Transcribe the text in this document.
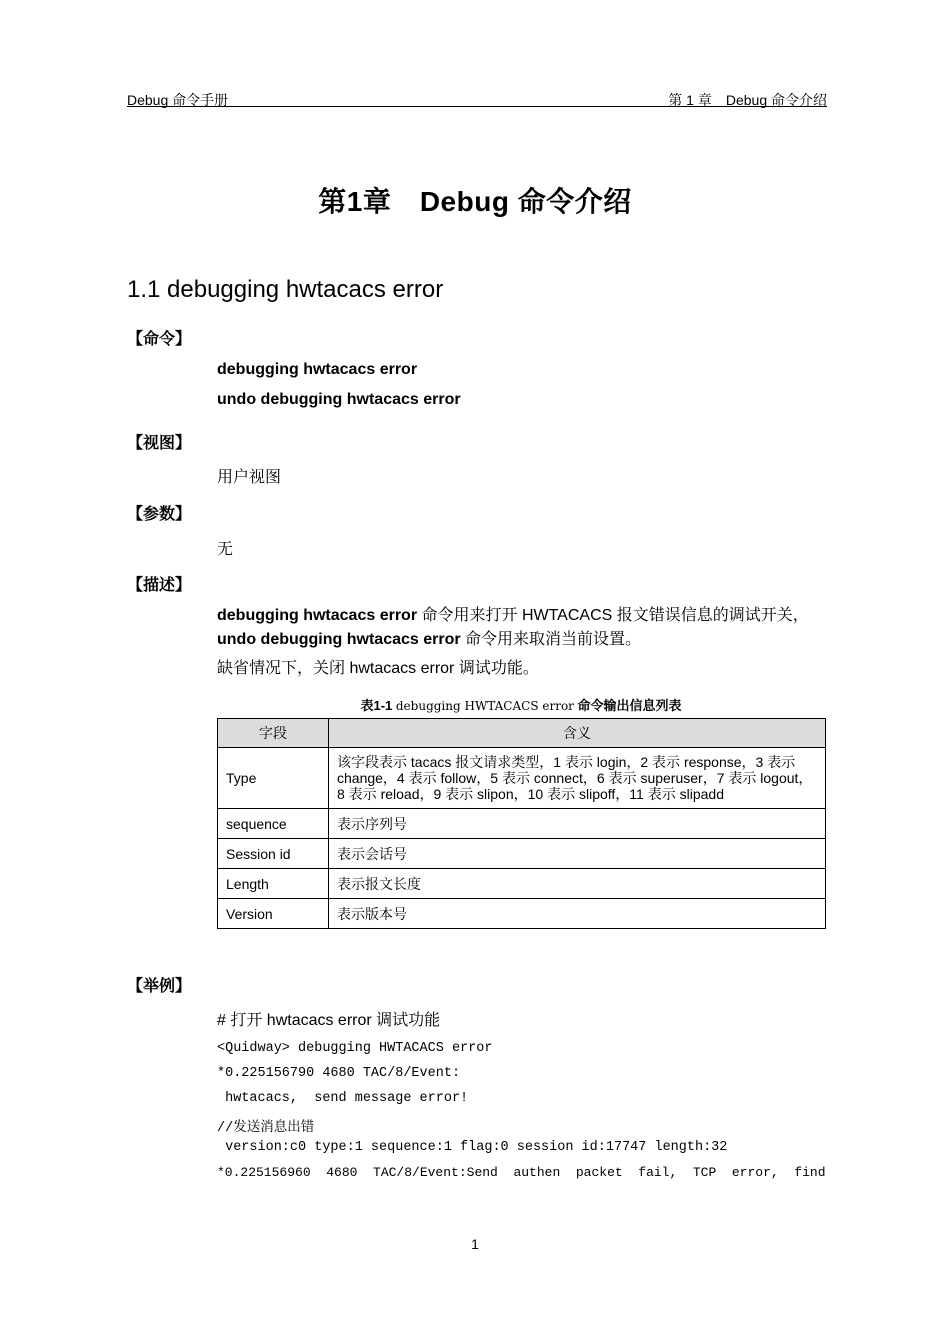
Debug 命令手册	第 1 章　Debug 命令介绍
第1章　Debug 命令介绍
1.1 debugging hwtacacs error
【命令】
debugging hwtacacs error
undo debugging hwtacacs error
【视图】
用户视图
【参数】
无
【描述】
debugging hwtacacs error 命令用来打开 HWTACACS 报文错误信息的调试开关，
undo debugging hwtacacs error 命令用来取消当前设置。
缺省情况下，关闭 hwtacacs error 调试功能。
表1-1 debugging HWTACACS error 命令输出信息列表
字段	含义
Type	该字段表示 tacacs 报文请求类型，1 表示 login，2 表示 response，3 表示 change，4 表示 follow，5 表示 connect，6 表示 superuser，7 表示 logout，8 表示 reload，9 表示 slipon，10 表示 slipoff，11 表示 slipadd
sequence	表示序列号
Session id	表示会话号
Length	表示报文长度
Version	表示版本号
【举例】
# 打开 hwtacacs error 调试功能
<Quidway> debugging HWTACACS error
*0.225156790 4680 TAC/8/Event:
hwtacacs,  send message error!
//发送消息出错
version:c0 type:1 sequence:1 flag:0 session id:17747 length:32
*0.225156960  4680  TAC/8/Event:Send  authen  packet  fail,  TCP  error,  find
1
